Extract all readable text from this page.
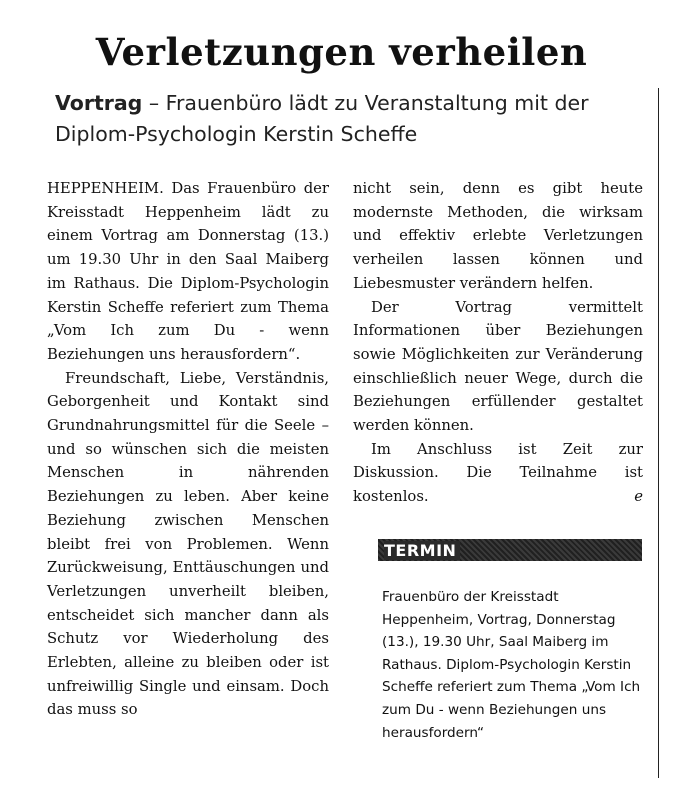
Verletzungen verheilen
Vortrag – Frauenbüro lädt zu Veranstaltung mit der Diplom-Psychologin Kerstin Scheffe

HEPPENHEIM. Das Frauenbüro der Kreisstadt Heppenheim lädt zu einem Vortrag am Donnerstag (13.) um 19.30 Uhr in den Saal Maiberg im Rathaus. Die Diplom-Psychologin Kerstin Scheffe referiert zum Thema „Vom Ich zum Du - wenn Beziehungen uns herausfordern“.

Freundschaft, Liebe, Verständnis, Geborgenheit und Kontakt sind Grundnahrungsmittel für die Seele – und so wünschen sich die meisten Menschen in nährenden Beziehungen zu leben. Aber keine Beziehung zwischen Menschen bleibt frei von Problemen. Wenn Zurückweisung, Enttäuschungen und Verletzungen unverheilt bleiben, entscheidet sich mancher dann als Schutz vor Wiederholung des Erlebten, alleine zu bleiben oder ist unfreiwillig Single und einsam. Doch das muss so

nicht sein, denn es gibt heute modernste Methoden, die wirksam und effektiv erlebte Verletzungen verheilen lassen können und Liebesmuster verändern helfen.

Der Vortrag vermittelt Informationen über Beziehungen sowie Möglichkeiten zur Veränderung einschließlich neuer Wege, durch die Beziehungen erfüllender gestaltet werden können.

Im Anschluss ist Zeit zur Diskussion. Die Teilnahme ist kostenlos.	e
TERMIN
Frauenbüro der Kreisstadt Heppenheim, Vortrag, Donnerstag (13.), 19.30 Uhr, Saal Maiberg im Rathaus. Diplom-Psychologin Kerstin Scheffe referiert zum Thema „Vom Ich zum Du - wenn Beziehungen uns herausfordern“
